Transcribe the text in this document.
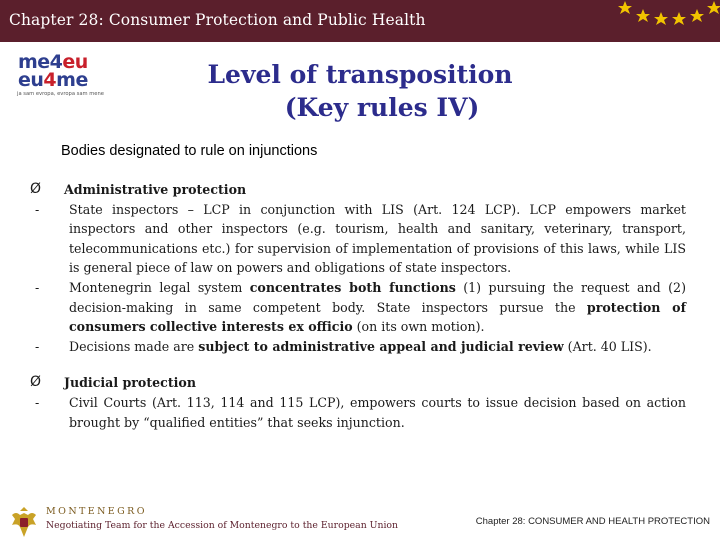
Chapter 28: Consumer Protection and Public Health
me4eu
eu4me
ja sam evropa, evropa sam mene
Level of transposition
(Key rules IV)
Bodies designated to rule on injunctions
Ø	Administrative protection
-	State inspectors – LCP in conjunction with LIS (Art. 124 LCP). LCP empowers market inspectors and other inspectors (e.g. tourism, health and sanitary, veterinary, transport, telecommunications etc.) for supervision of implementation of provisions of this laws, while LIS is general piece of law on powers and obligations of state inspectors.
-	Montenegrin legal system concentrates both functions (1) pursuing the request and (2) decision-making in same competent body. State inspectors pursue the protection of consumers collective interests ex officio (on its own motion).
-	Decisions made are subject to administrative appeal and judicial review (Art. 40 LIS).
Ø	Judicial protection
-	Civil Courts (Art. 113, 114 and 115 LCP), empowers courts to issue decision based on action brought by “qualified entities” that seeks injunction.
MONTENEGRO
Negotiating Team for the Accession of Montenegro to the European Union	Chapter 28: CONSUMER AND HEALTH PROTECTION
